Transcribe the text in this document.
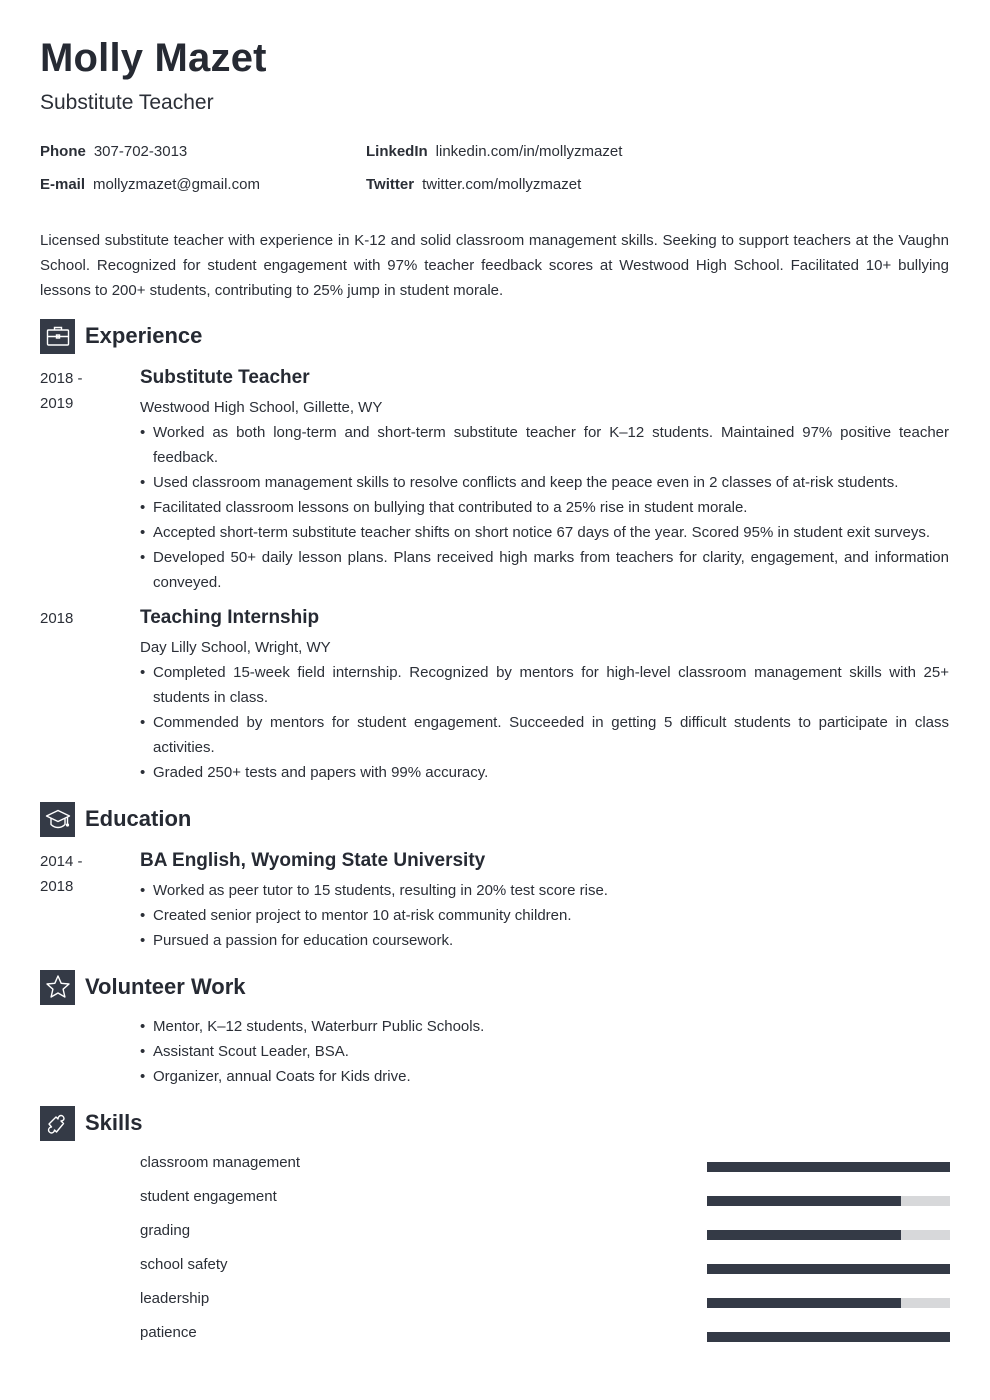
Molly Mazet
Substitute Teacher
Phone 307-702-3013
E-mail mollyzmazet@gmail.com
LinkedIn linkedin.com/in/mollyzmazet
Twitter twitter.com/mollyzmazet
Licensed substitute teacher with experience in K-12 and solid classroom management skills. Seeking to support teachers at the Vaughn School. Recognized for student engagement with 97% teacher feedback scores at Westwood High School. Facilitated 10+ bullying lessons to 200+ students, contributing to 25% jump in student morale.
Experience
2018 -
2019
Substitute Teacher
Westwood High School, Gillette, WY
• Worked as both long-term and short-term substitute teacher for K–12 students. Maintained 97% positive teacher feedback.
• Used classroom management skills to resolve conflicts and keep the peace even in 2 classes of at-risk students.
• Facilitated classroom lessons on bullying that contributed to a 25% rise in student morale.
• Accepted short-term substitute teacher shifts on short notice 67 days of the year. Scored 95% in student exit surveys.
• Developed 50+ daily lesson plans. Plans received high marks from teachers for clarity, engagement, and information conveyed.
2018	Teaching Internship
Day Lilly School, Wright, WY
• Completed 15-week field internship. Recognized by mentors for high-level classroom management skills with 25+ students in class.
• Commended by mentors for student engagement. Succeeded in getting 5 difficult students to participate in class activities.
• Graded 250+ tests and papers with 99% accuracy.
Education
2014 -
2018
BA English, Wyoming State University
• Worked as peer tutor to 15 students, resulting in 20% test score rise.
• Created senior project to mentor 10 at-risk community children.
• Pursued a passion for education coursework.
Volunteer Work
• Mentor, K–12 students, Waterburr Public Schools.
• Assistant Scout Leader, BSA.
• Organizer, annual Coats for Kids drive.
Skills
classroom management
student engagement
grading
school safety
leadership
patience
